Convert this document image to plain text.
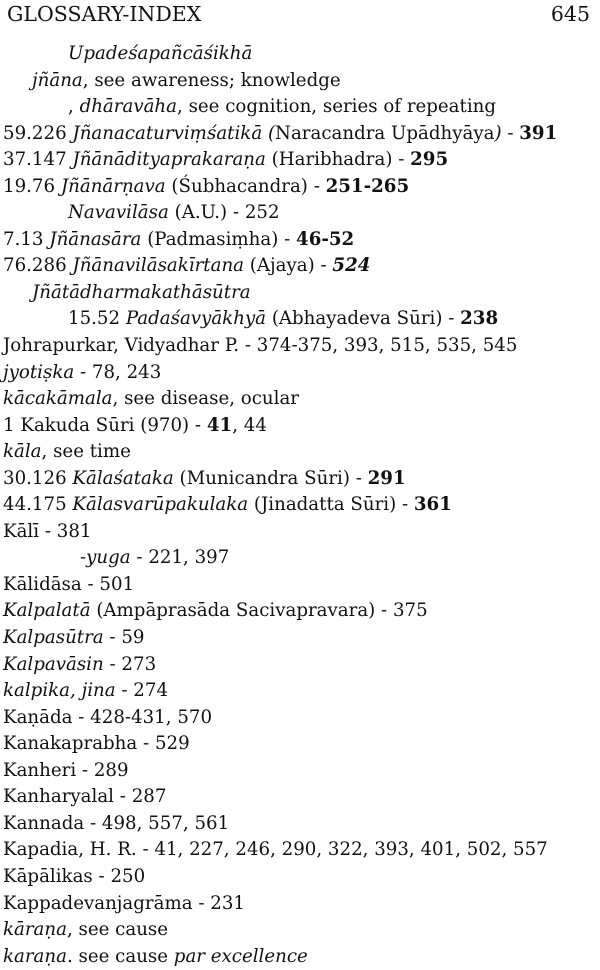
GLOSSARY-INDEX	645
Upadeśapañcāśikhā
jñāna, see awareness; knowledge
, dhāravāha, see cognition, series of repeating
59.226 Jñanacaturviṃśatikā (Naracandra Upādhyāya) - 391
37.147 Jñānādityaprakaraṇa (Haribhadra) - 295
19.76 Jñānārṇava (Śubhacandra) - 251-265
Navavilāsa (A.U.) - 252
7.13 Jñānasāra (Padmasiṃha) - 46-52
76.286 Jñānavilāsakīrtana (Ajaya) - 524
Jñātādharmakathāsūtra
15.52 Padaśavyākhyā (Abhayadeva Sūri) - 238
Johrapurkar, Vidyadhar P. - 374-375, 393, 515, 535, 545
jyotiṣka - 78, 243
kācakāmala, see disease, ocular
1 Kakuda Sūri (970) - 41, 44
kāla, see time
30.126 Kālaśataka (Municandra Sūri) - 291
44.175 Kālasvarūpakulaka (Jinadatta Sūri) - 361
Kālī - 381
-yuga - 221, 397
Kālidāsa - 501
Kalpalatā (Ampāprasāda Sacivapravara) - 375
Kalpasūtra - 59
Kalpavāsin - 273
kalpika, jina - 274
Kaṇāda - 428-431, 570
Kanakaprabha - 529
Kanheri - 289
Kanharyalal - 287
Kannada - 498, 557, 561
Kapadia, H. R. - 41, 227, 246, 290, 322, 393, 401, 502, 557
Kāpālikas - 250
Kappadevanjagrāma - 231
kāraṇa, see cause
karaṇa. see cause par excellence
